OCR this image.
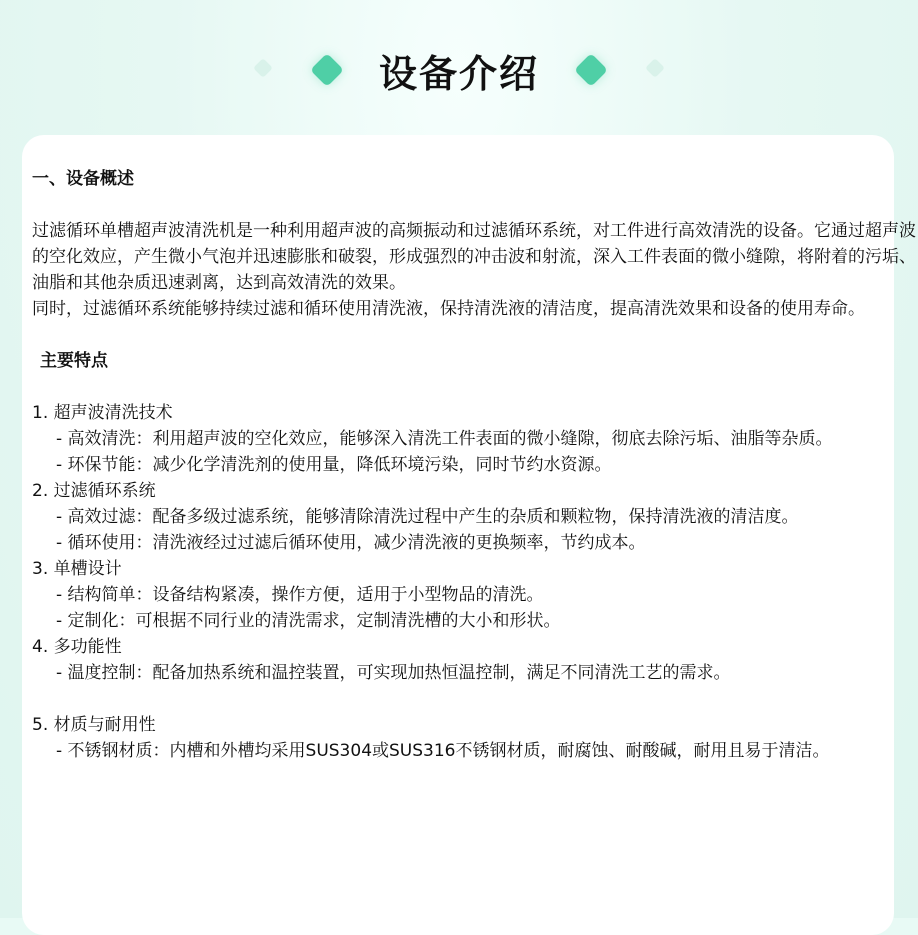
设备介绍

一、设备概述

过滤循环单槽超声波清洗机是一种利用超声波的高频振动和过滤循环系统，对工件进行高效清洗的设备。它通过超声波的空化效应，产生微小气泡并迅速膨胀和破裂，形成强烈的冲击波和射流，深入工件表面的微小缝隙，将附着的污垢、油脂和其他杂质迅速剥离，达到高效清洗的效果。

同时，过滤循环系统能够持续过滤和循环使用清洗液，保持清洗液的清洁度，提高清洗效果和设备的使用寿命。

主要特点

1. 超声波清洗技术

- 高效清洗：利用超声波的空化效应，能够深入清洗工件表面的微小缝隙，彻底去除污垢、油脂等杂质。

- 环保节能：减少化学清洗剂的使用量，降低环境污染，同时节约水资源。

2. 过滤循环系统

- 高效过滤：配备多级过滤系统，能够清除清洗过程中产生的杂质和颗粒物，保持清洗液的清洁度。

- 循环使用：清洗液经过过滤后循环使用，减少清洗液的更换频率，节约成本。

3. 单槽设计

- 结构简单：设备结构紧凑，操作方便，适用于小型物品的清洗。

- 定制化：可根据不同行业的清洗需求，定制清洗槽的大小和形状。

4. 多功能性

- 温度控制：配备加热系统和温控装置，可实现加热恒温控制，满足不同清洗工艺的需求。

5. 材质与耐用性

- 不锈钢材质：内槽和外槽均采用SUS304或SUS316不锈钢材质，耐腐蚀、耐酸碱，耐用且易于清洁。
